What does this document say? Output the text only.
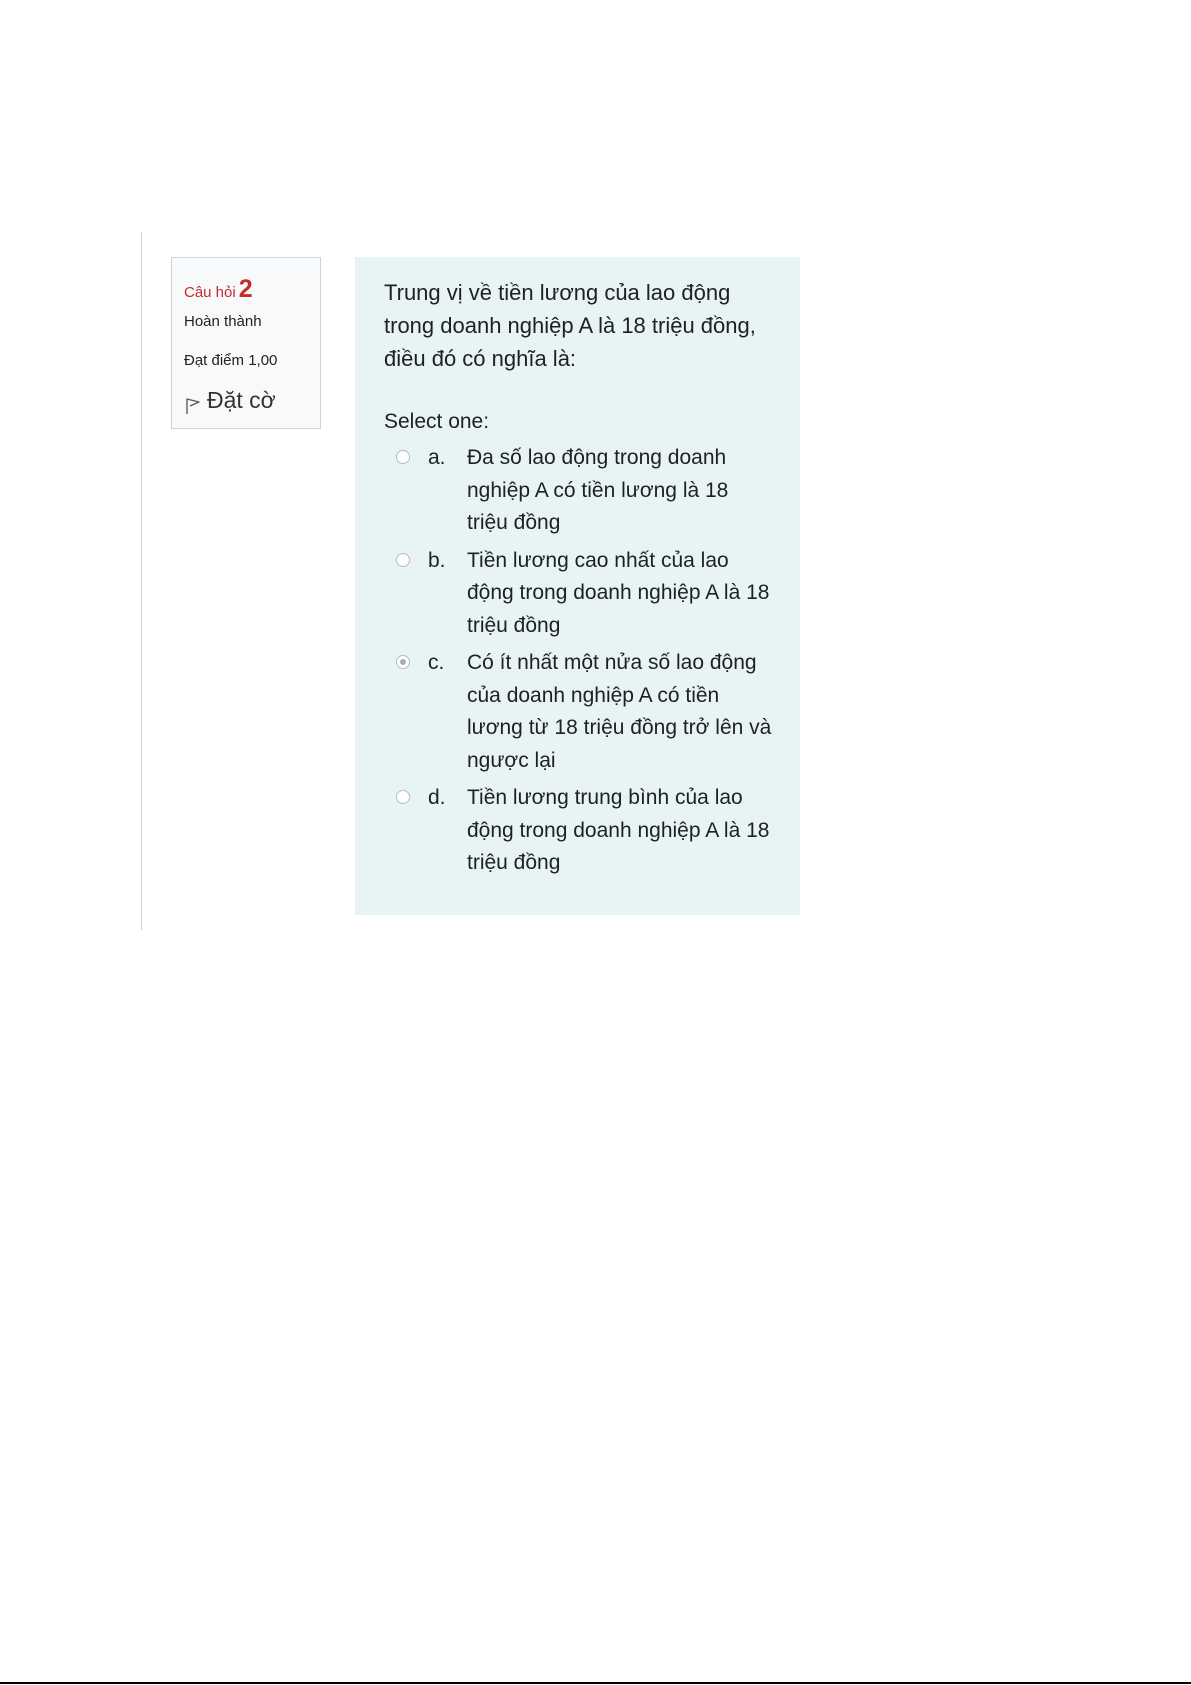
Câu hỏi 2
Hoàn thành
Đạt điểm 1,00
Đặt cờ
Trung vị về tiền lương của lao động trong doanh nghiệp A là 18 triệu đồng, điều đó có nghĩa là:
Select one:
a.	Đa số lao động trong doanh nghiệp A có tiền lương là 18 triệu đồng
b.	Tiền lương cao nhất của lao động trong doanh nghiệp A là 18 triệu đồng
c.	Có ít nhất một nửa số lao động của doanh nghiệp A có tiền lương từ 18 triệu đồng trở lên và ngược lại
d.	Tiền lương trung bình của lao động trong doanh nghiệp A là 18 triệu đồng
